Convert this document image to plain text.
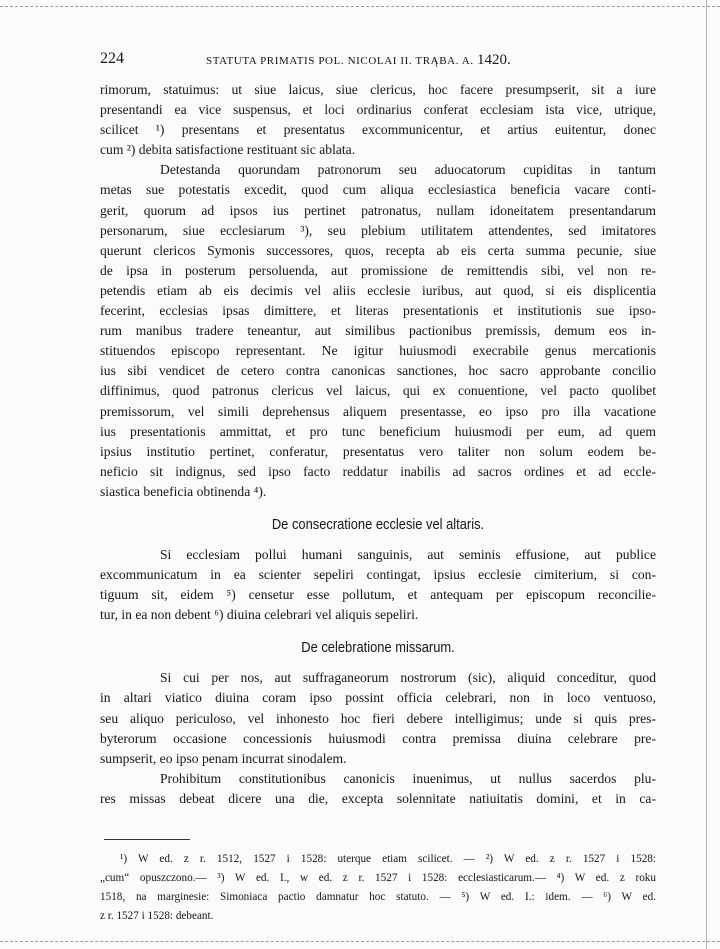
224	STATUTA PRIMATIS POL. NICOLAI II. TRĄBA. A. 1420.
rimorum, statuimus: ut siue laicus, siue clericus, hoc facere presumpserit, sit a iure
presentandi ea vice suspensus, et loci ordinarius conferat ecclesiam ista vice, utrique,
scilicet ¹) presentans et presentatus excommunicentur, et artius euitentur, donec
cum ²) debita satisfactione restituant sic ablata.
Detestanda quorundam patronorum seu aduocatorum cupiditas in tantum
metas sue potestatis excedit, quod cum aliqua ecclesiastica beneficia vacare conti-
gerit, quorum ad ipsos ius pertinet patronatus, nullam idoneitatem presentandarum
personarum, siue ecclesiarum ³), seu plebium utilitatem attendentes, sed imitatores
querunt clericos Symonis successores, quos, recepta ab eis certa summa pecunie, siue
de ipsa in posterum persoluenda, aut promissione de remittendis sibi, vel non re-
petendis etiam ab eis decimis vel aliis ecclesie iuribus, aut quod, si eis displicentia
fecerint, ecclesias ipsas dimittere, et literas presentationis et institutionis sue ipso-
rum manibus tradere teneantur, aut similibus pactionibus premissis, demum eos in-
stituendos episcopo representant. Ne igitur huiusmodi execrabile genus mercationis
ius sibi vendicet de cetero contra canonicas sanctiones, hoc sacro approbante concilio
diffinimus, quod patronus clericus vel laicus, qui ex conuentione, vel pacto quolibet
premissorum, vel simili deprehensus aliquem presentasse, eo ipso pro illa vacatione
ius presentationis ammittat, et pro tunc beneficium huiusmodi per eum, ad quem
ipsius institutio pertinet, conferatur, presentatus vero taliter non solum eodem be-
neficio sit indignus, sed ipso facto reddatur inabilis ad sacros ordines et ad eccle-
siastica beneficia obtinenda ⁴).
De consecratione ecclesie vel altaris.
Si ecclesiam pollui humani sanguinis, aut seminis effusione, aut publice
excommunicatum in ea scienter sepeliri contingat, ipsius ecclesie cimiterium, si con-
tiguum sit, eidem ⁵) censetur esse pollutum, et antequam per episcopum reconcilie-
tur, in ea non debent ⁶) diuina celebrari vel aliquis sepeliri.
De celebratione missarum.
Si cui per nos, aut suffraganeorum nostrorum (sic), aliquid conceditur, quod
in altari viatico diuina coram ipso possint officia celebrari, non in loco ventuoso,
seu aliquo periculoso, vel inhonesto hoc fieri debere intelligimus; unde si quis pres-
byterorum occasione concessionis huiusmodi contra premissa diuina celebrare pre-
sumpserit, eo ipso penam incurrat sinodalem.
Prohibitum constitutionibus canonicis inuenimus, ut nullus sacerdos plu-
res missas debeat dicere una die, excepta solennitate natiuitatis domini, et in ca-
¹) W ed. z r. 1512, 1527 i 1528: uterque etiam scilicet. — ²) W ed. z r. 1527 i 1528:
„cum“ opuszczono.— ³) W ed. I., w ed. z r. 1527 i 1528: ecclesiasticarum.— ⁴) W ed. z roku
1518, na marginesie: Simoniaca pactio damnatur hoc statuto. — ⁵) W ed. I.: idem. — ⁶) W ed.
z r. 1527 i 1528: debeant.
